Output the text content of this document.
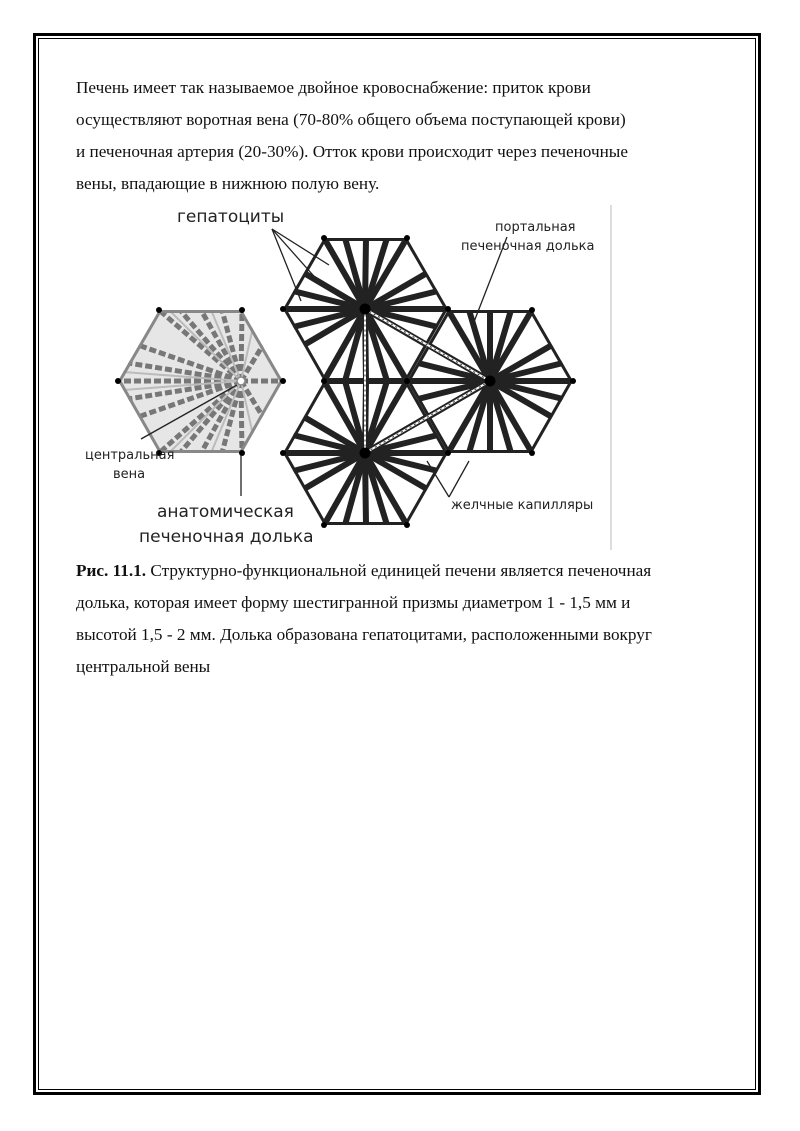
Печень имеет так называемое двойное кровоснабжение: приток крови
осуществляют воротная вена (70-80% общего объема поступающей крови)
и печеночная артерия (20-30%). Отток крови происходит через печеночные
вены, впадающие в нижнюю полую вену.

гепатоциты
портальная
печеночная долька
центральная
вена
анатомическая
печеночная долька
желчные капилляры

Рис. 11.1. Структурно-функциональной единицей печени является печеночная
долька, которая имеет форму шестигранной призмы диаметром 1 - 1,5 мм и
высотой 1,5 - 2 мм. Долька образована гепатоцитами, расположенными вокруг
центральной вены
